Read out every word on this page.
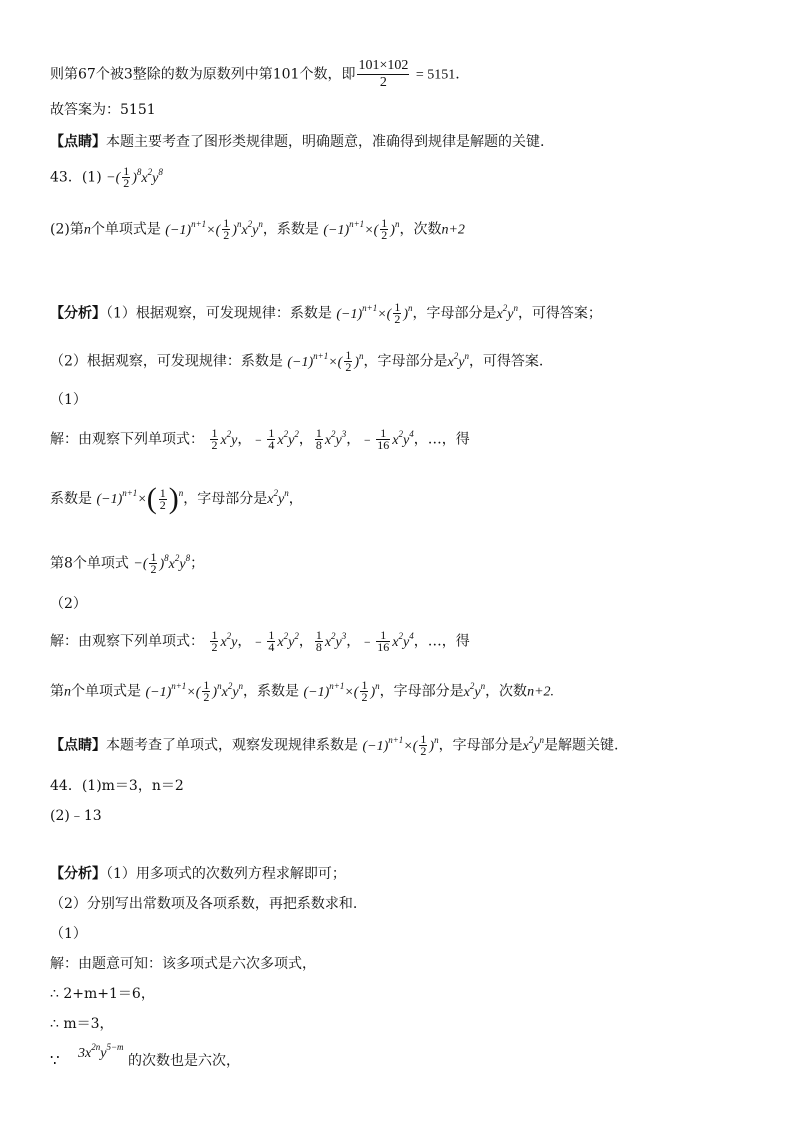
则第67个被3整除的数为原数列中第101个数，即 $\frac{101\times 102}{2} = 5151$.
故答案为：5151
【点睛】本题主要考查了图形类规律题，明确题意，准确得到规律是解题的关键.
43．(1) −( $\frac{1}{2} )^8x^2y^8$
(2)第n个单项式是 $(-1)^{n+1}\times( \frac{1}{2} )^nx^2y^n$，系数是 $(-1)^{n+1}\times( \frac{1}{2} )^n$，次数n+2
【分析】（1）根据观察，可发现规律：系数是 $(-1)^{n+1}\times( \frac{1}{2} )^n$，字母部分是$x^2y^n$，可得答案；
（2）根据观察，可发现规律：系数是 $(-1)^{n+1}\times( \frac{1}{2} )^n$，字母部分是$x^2y^n$，可得答案.
（1）
解：由观察下列单项式： $\frac{1}{2} x^2y$，﹣ $\frac{1}{4} x^2y^2$， $\frac{1}{8} x^2y^3$，﹣ $\frac{1}{16} x^2y^4$，…，得
系数是 $(-1)^{n+1}\times( \frac{1}{2} )^n$，字母部分是$x^2y^n$，
第8个单项式 −( $\frac{1}{2} )^8x^2y^8$；
（2）
解：由观察下列单项式： $\frac{1}{2} x^2y$，﹣ $\frac{1}{4} x^2y^2$， $\frac{1}{8} x^2y^3$，﹣ $\frac{1}{16} x^2y^4$，…，得
第n个单项式是 $(-1)^{n+1}\times( \frac{1}{2} )^nx^2y^n$，系数是 $(-1)^{n+1}\times( \frac{1}{2} )^n$，字母部分是$x^2y^n$，次数n+2.
【点睛】本题考查了单项式，观察发现规律系数是 $(-1)^{n+1}\times( \frac{1}{2} )^n$，字母部分是$x^2y^n$是解题关键.
44．(1)m＝3，n＝2
(2)﹣13
【分析】（1）用多项式的次数列方程求解即可；
（2）分别写出常数项及各项系数，再把系数求和.
（1）
解：由题意可知：该多项式是六次多项式，
∴ 2+m+1＝6，
∴ m＝3，
∵ $3x^{2n}y^{5-m}$ 的次数也是六次，
